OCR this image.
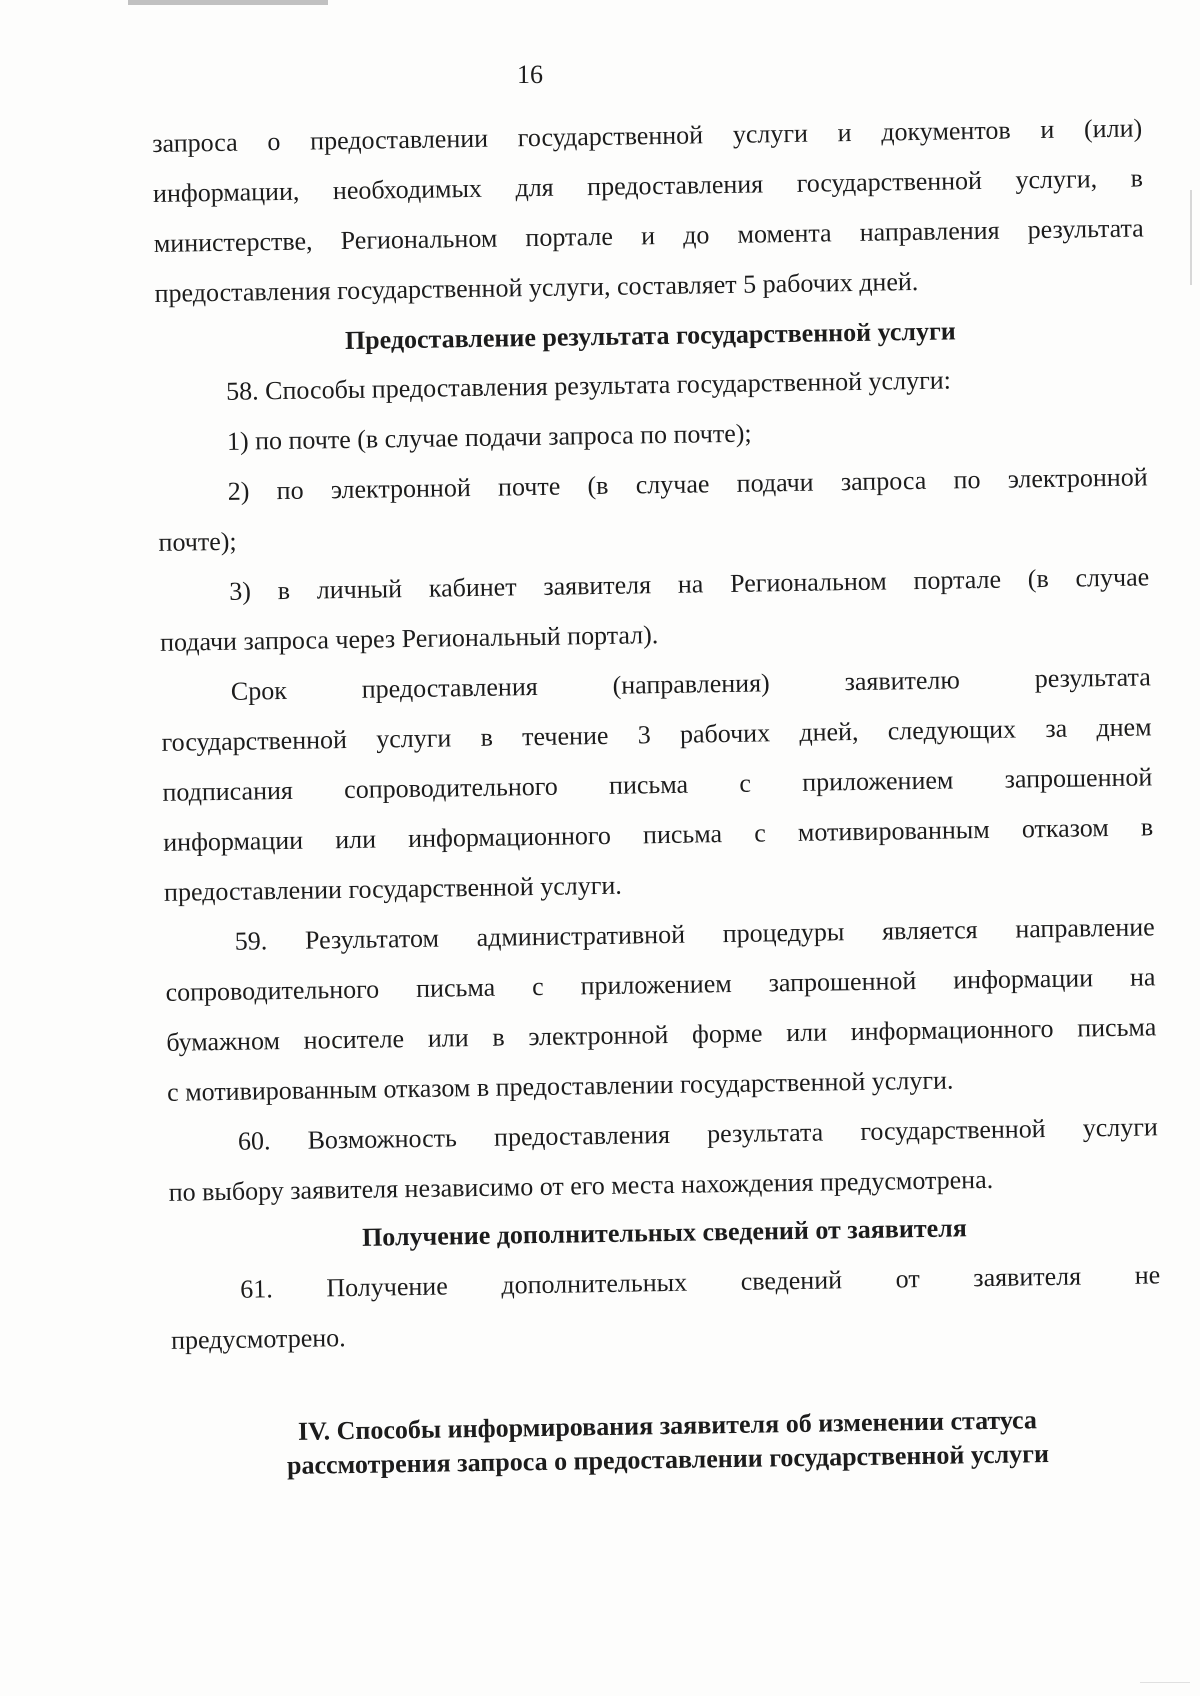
16
запроса о предоставлении государственной услуги и документов и (или)
информации, необходимых для предоставления государственной услуги, в
министерстве, Региональном портале и до момента направления результата
предоставления государственной услуги, составляет 5 рабочих дней.
Предоставление результата государственной услуги
58. Способы предоставления результата государственной услуги:
1) по почте (в случае подачи запроса по почте);
2) по электронной почте (в случае подачи запроса по электронной
почте);
3) в личный кабинет заявителя на Региональном портале (в случае
подачи запроса через Региональный портал).
Срок предоставления (направления) заявителю результата
государственной услуги в течение 3 рабочих дней, следующих за днем
подписания сопроводительного письма с приложением запрошенной
информации или информационного письма с мотивированным отказом в
предоставлении государственной услуги.
59. Результатом административной процедуры является направление
сопроводительного письма с приложением запрошенной информации на
бумажном носителе или в электронной форме или информационного письма
с мотивированным отказом в предоставлении государственной услуги.
60. Возможность предоставления результата государственной услуги
по выбору заявителя независимо от его места нахождения предусмотрена.
Получение дополнительных сведений от заявителя
61. Получение дополнительных сведений от заявителя не
предусмотрено.
IV. Способы информирования заявителя об изменении статуса
рассмотрения запроса о предоставлении государственной услуги
